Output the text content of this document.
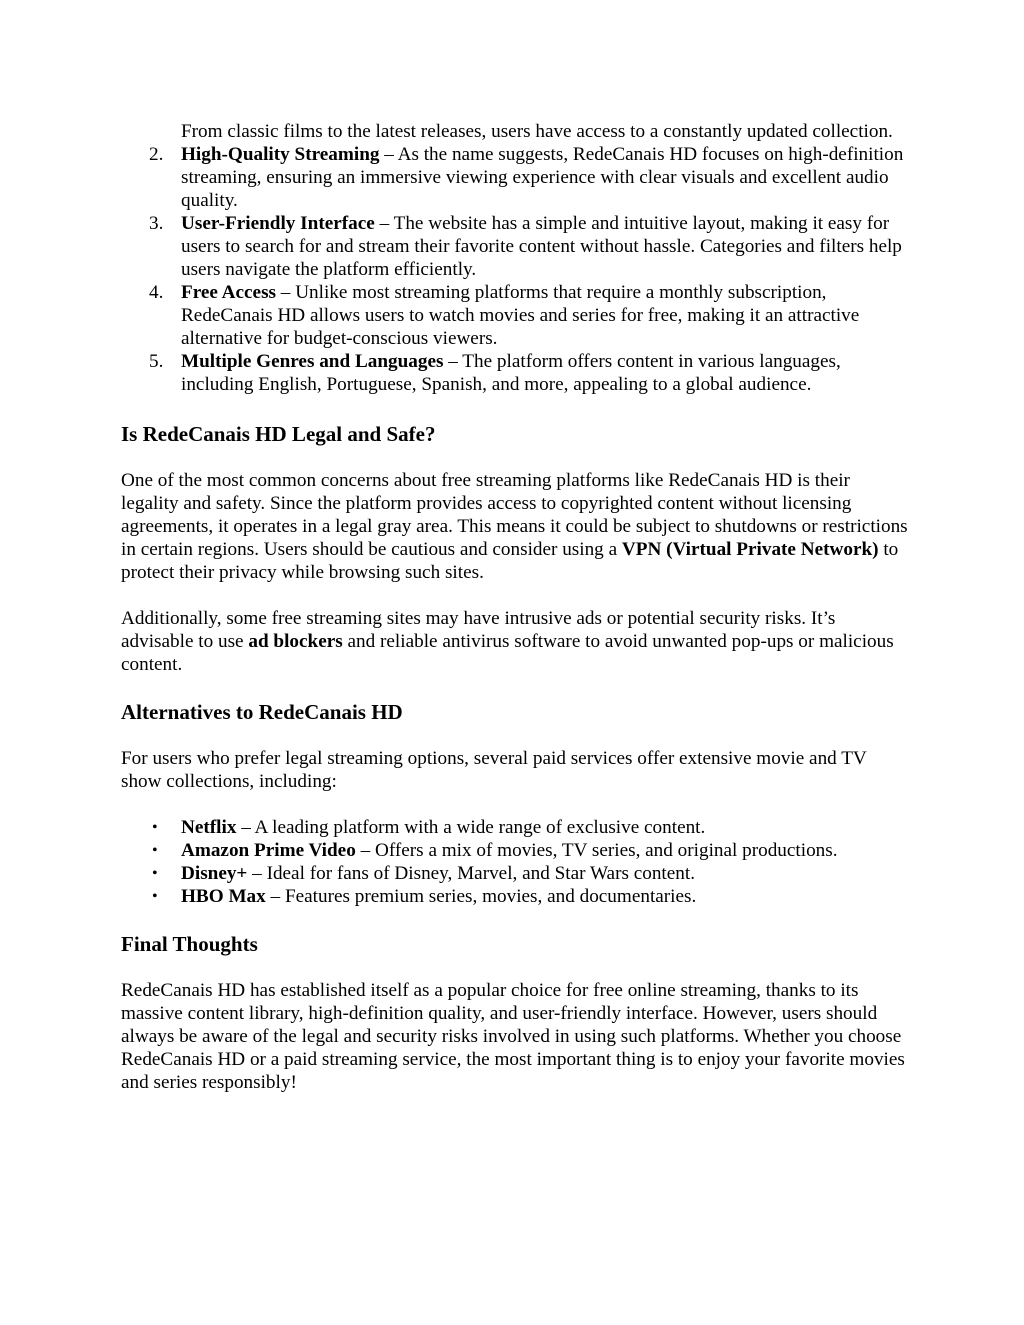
From classic films to the latest releases, users have access to a constantly updated collection.

2. High-Quality Streaming – As the name suggests, RedeCanais HD focuses on high-definition streaming, ensuring an immersive viewing experience with clear visuals and excellent audio quality.
3. User-Friendly Interface – The website has a simple and intuitive layout, making it easy for users to search for and stream their favorite content without hassle. Categories and filters help users navigate the platform efficiently.
4. Free Access – Unlike most streaming platforms that require a monthly subscription, RedeCanais HD allows users to watch movies and series for free, making it an attractive alternative for budget-conscious viewers.
5. Multiple Genres and Languages – The platform offers content in various languages, including English, Portuguese, Spanish, and more, appealing to a global audience.
Is RedeCanais HD Legal and Safe?

One of the most common concerns about free streaming platforms like RedeCanais HD is their legality and safety. Since the platform provides access to copyrighted content without licensing agreements, it operates in a legal gray area. This means it could be subject to shutdowns or restrictions in certain regions. Users should be cautious and consider using a VPN (Virtual Private Network) to protect their privacy while browsing such sites.

Additionally, some free streaming sites may have intrusive ads or potential security risks. It’s advisable to use ad blockers and reliable antivirus software to avoid unwanted pop-ups or malicious content.

Alternatives to RedeCanais HD

For users who prefer legal streaming options, several paid services offer extensive movie and TV show collections, including:

• Netflix – A leading platform with a wide range of exclusive content.
• Amazon Prime Video – Offers a mix of movies, TV series, and original productions.
• Disney+ – Ideal for fans of Disney, Marvel, and Star Wars content.
• HBO Max – Features premium series, movies, and documentaries.
Final Thoughts

RedeCanais HD has established itself as a popular choice for free online streaming, thanks to its massive content library, high-definition quality, and user-friendly interface. However, users should always be aware of the legal and security risks involved in using such platforms. Whether you choose RedeCanais HD or a paid streaming service, the most important thing is to enjoy your favorite movies and series responsibly!
